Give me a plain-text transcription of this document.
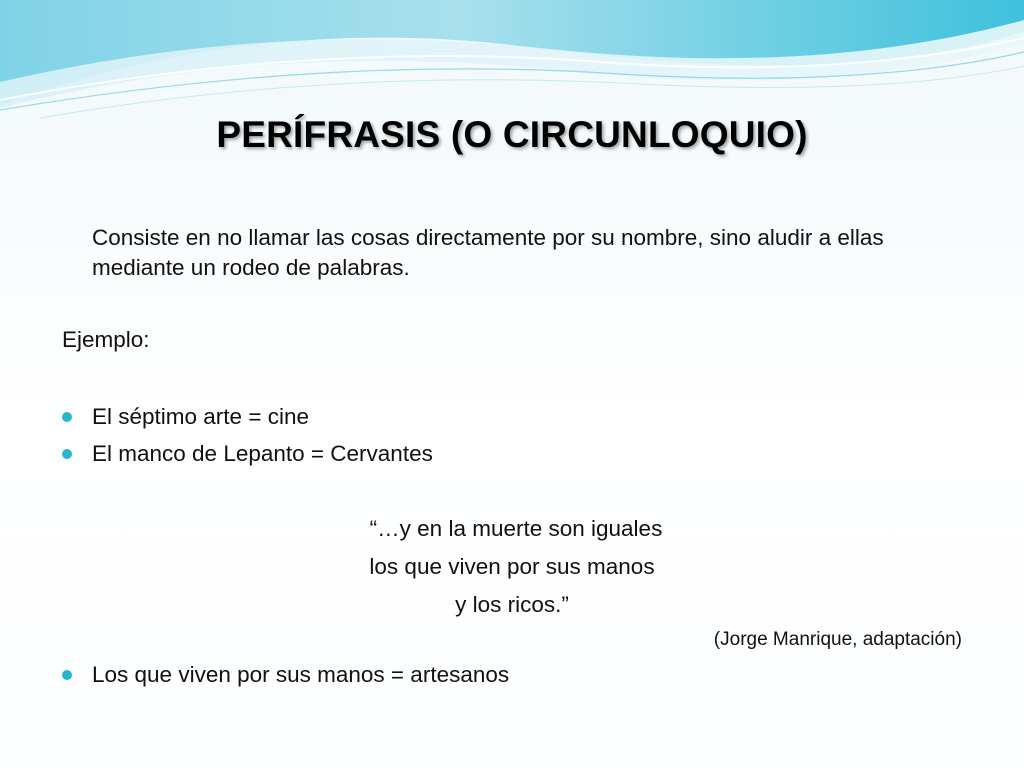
PERÍFRASIS (O CIRCUNLOQUIO)
Consiste en no llamar las cosas directamente por su nombre, sino aludir a ellas mediante un rodeo de palabras.
Ejemplo:
El séptimo arte = cine
El manco de Lepanto = Cervantes
“…y en la muerte son iguales
los que viven por sus manos
y los ricos.”
(Jorge Manrique, adaptación)
Los que viven por sus manos = artesanos
